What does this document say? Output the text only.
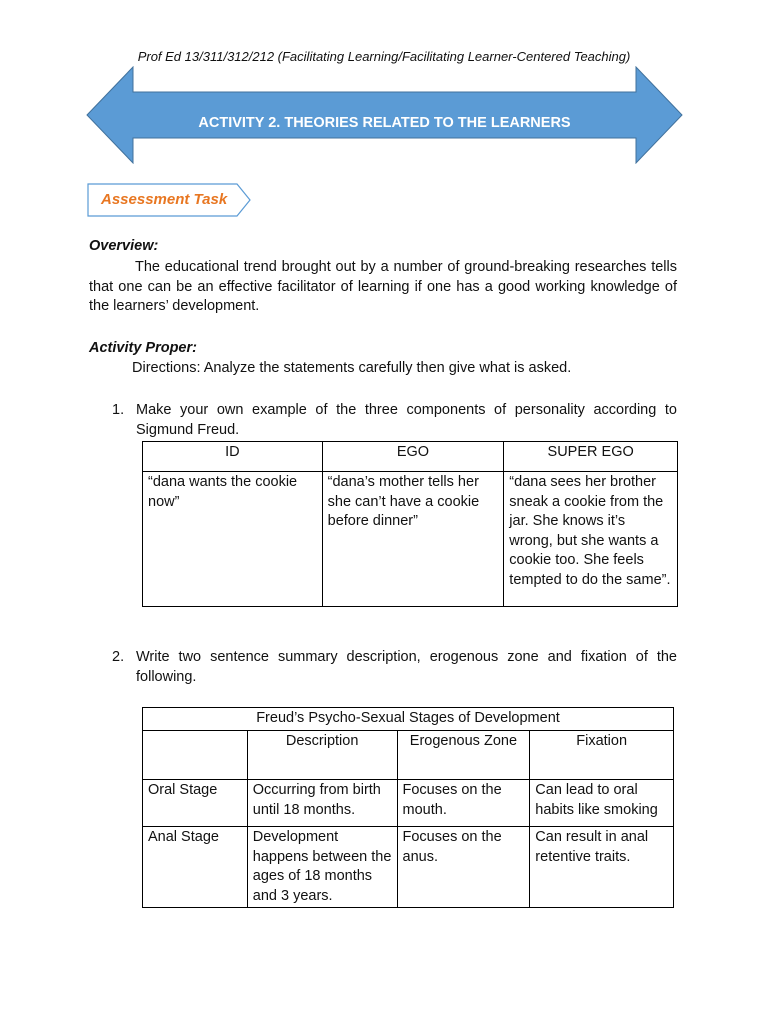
Prof Ed 13/311/312/212 (Facilitating Learning/Facilitating Learner-Centered Teaching)
ACTIVITY 2. THEORIES RELATED TO THE LEARNERS
Assessment Task
Overview:
The educational trend brought out by a number of ground-breaking researches tells that one can be an effective facilitator of learning if one has a good working knowledge of the learners’ development.
Activity Proper:
Directions: Analyze the statements carefully then give what is asked.
1. Make your own example of the three components of personality according to Sigmund Freud.
ID	EGO	SUPER EGO
“dana wants the cookie now”	“dana’s mother tells her she can’t have a cookie before dinner”	“dana sees her brother sneak a cookie from the jar. She knows it’s wrong, but she wants a cookie too. She feels tempted to do the same”.
2. Write two sentence summary description, erogenous zone and fixation of the following.
Freud’s Psycho-Sexual Stages of Development			
	Description	Erogenous Zone	Fixation
Oral Stage	Occurring from birth until 18 months.	Focuses on the mouth.	Can lead to oral habits like smoking
Anal Stage	Development happens between the ages of 18 months and 3 years.	Focuses on the anus.	Can result in anal retentive traits.
